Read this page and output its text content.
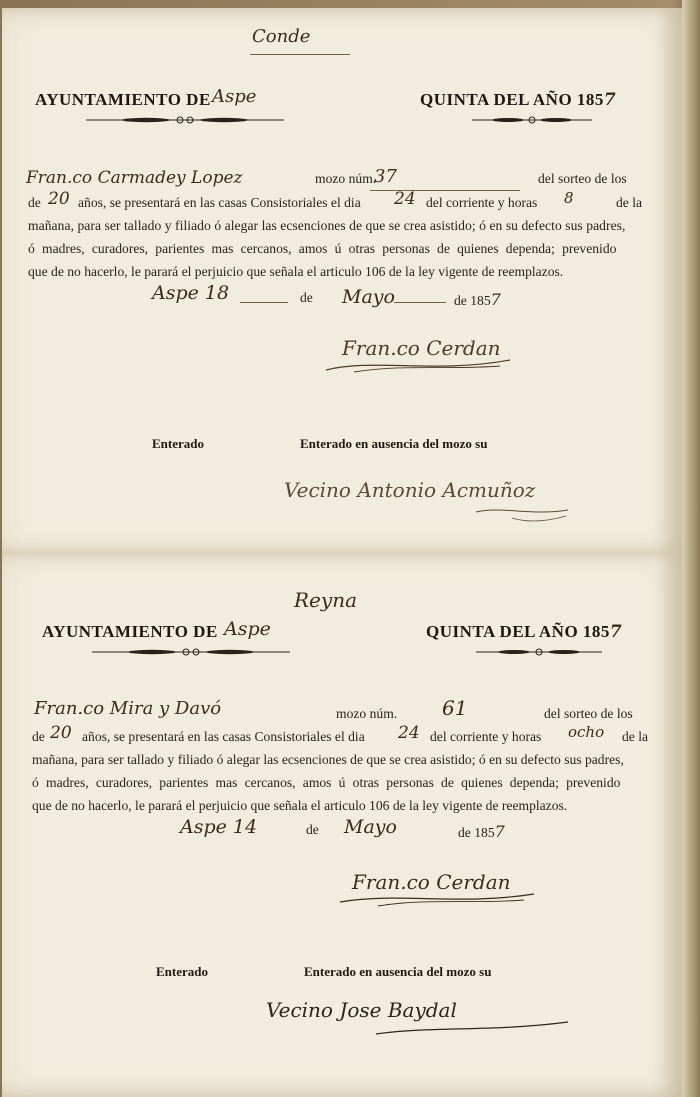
Conde
AYUNTAMIENTO DE Aspe	QUINTA DEL AÑO 1857
Fran.co Carmadey Lopez	mozo núm.
37	del sorteo de los
de 20 años, se presentará en las casas Consistoriales el dia 24 del corriente y horas 8	de la
mañana, para ser tallado y filiado ó alegar las ecsenciones de que se crea asistido; ó en su defecto sus padres,
ó madres, curadores, parientes mas cercanos, amos ú otras personas de quienes dependa; prevenido
que de no hacerlo, le parará el perjuicio que señala el articulo 106 de la ley vigente de reemplazos.
Aspe 18	de Mayo	de 1857
Fran.co Cerdan
Enterado	Enterado en ausencia del mozo su
Vecino Antonio Acmuñoz
Reyna
AYUNTAMIENTO DE Aspe	QUINTA DEL AÑO 1857
Fran.co Mira y Davó	mozo núm. 61	del sorteo de los
de 20 años, se presentará en las casas Consistoriales el dia 24 del corriente y horas ocho de la
mañana, para ser tallado y filiado ó alegar las ecsenciones de que se crea asistido; ó en su defecto sus padres,
ó madres, curadores, parientes mas cercanos, amos ú otras personas de quienes dependa; prevenido
que de no hacerlo, le parará el perjuicio que señala el articulo 106 de la ley vigente de reemplazos.
Aspe 14	de Mayo	de 1857
Fran.co Cerdan
Enterado	Enterado en ausencia del mozo su
Vecino Jose Baydal
